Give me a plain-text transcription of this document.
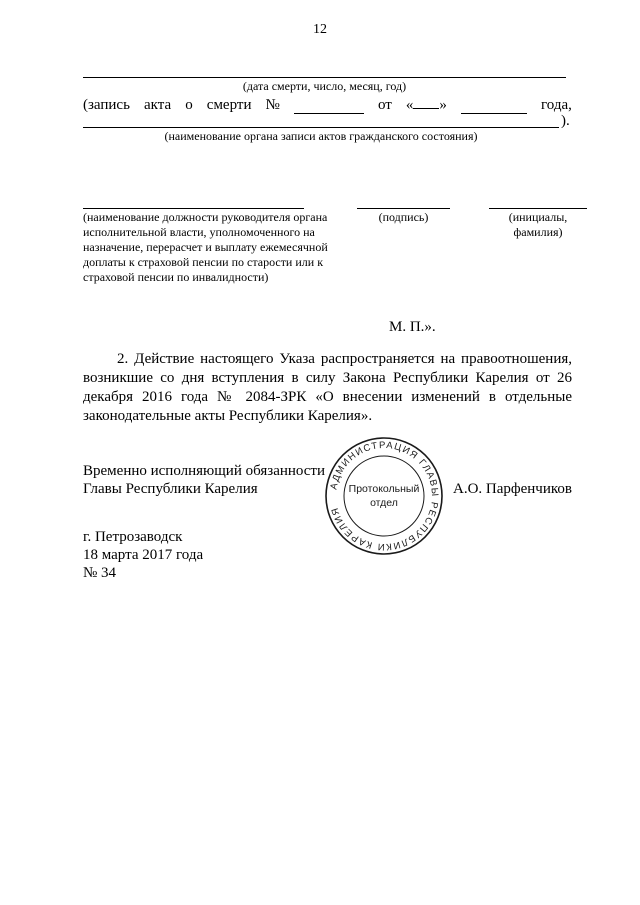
12
(дата смерти, число, месяц, год)
(запись акта о смерти №	от « »	года,
).
(наименование органа записи актов гражданского состояния)
(наименование должности руководителя органа исполнительной власти, уполномоченного на назначение, перерасчет и выплату ежемесячной доплаты к страховой пенсии по старости или к страховой пенсии по инвалидности)
(подпись)	(инициалы,
фамилия)
М. П.».
2. Действие настоящего Указа распространяется на правоотношения, возникшие со дня вступления в силу Закона Республики Карелия от 26 декабря 2016 года № 2084-ЗРК «О внесении изменений в отдельные законодательные акты Республики Карелия».
Временно исполняющий обязанности
Главы Республики Карелия	А.О. Парфенчиков
АДМИНИСТРАЦИЯ ГЛАВЫ РЕСПУБЛИКИ КАРЕЛИЯ
Протокольный
отдел
г. Петрозаводск
18 марта 2017 года
№ 34
